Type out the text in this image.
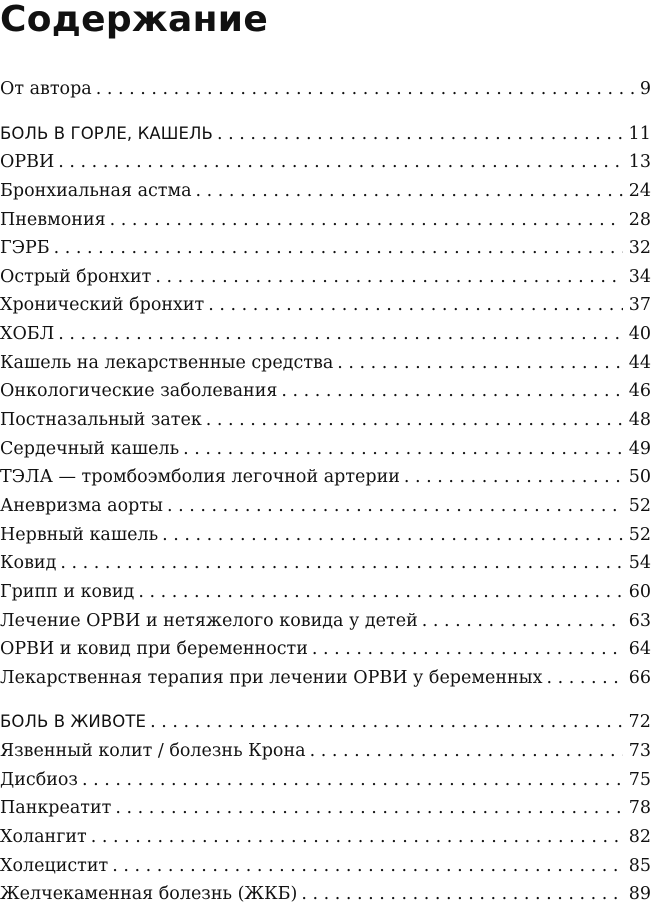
Содержание
От автора . . .	9
БОЛЬ В ГОРЛЕ, КАШЕЛЬ . . .	11
ОРВИ . . .	13
Бронхиальная астма . . .	24
Пневмония . . .	28
ГЭРБ . . .	32
Острый бронхит . . .	34
Хронический бронхит . . .	37
ХОБЛ . . .	40
Кашель на лекарственные средства . . .	44
Онкологические заболевания . . .	46
Постназальный затек . . .	48
Сердечный кашель . . .	49
ТЭЛА — тромбоэмболия легочной артерии . . .	50
Аневризма аорты . . .	52
Нервный кашель . . .	52
Ковид . . .	54
Грипп и ковид . . .	60
Лечение ОРВИ и нетяжелого ковида у детей . . .	63
ОРВИ и ковид при беременности . . .	64
Лекарственная терапия при лечении ОРВИ у беременных . . .	66
БОЛЬ В ЖИВОТЕ . . .	72
Язвенный колит / болезнь Крона . . .	73
Дисбиоз . . .	75
Панкреатит . . .	78
Холангит . . .	82
Холецистит . . .	85
Желчекаменная болезнь (ЖКБ) . . .	89
